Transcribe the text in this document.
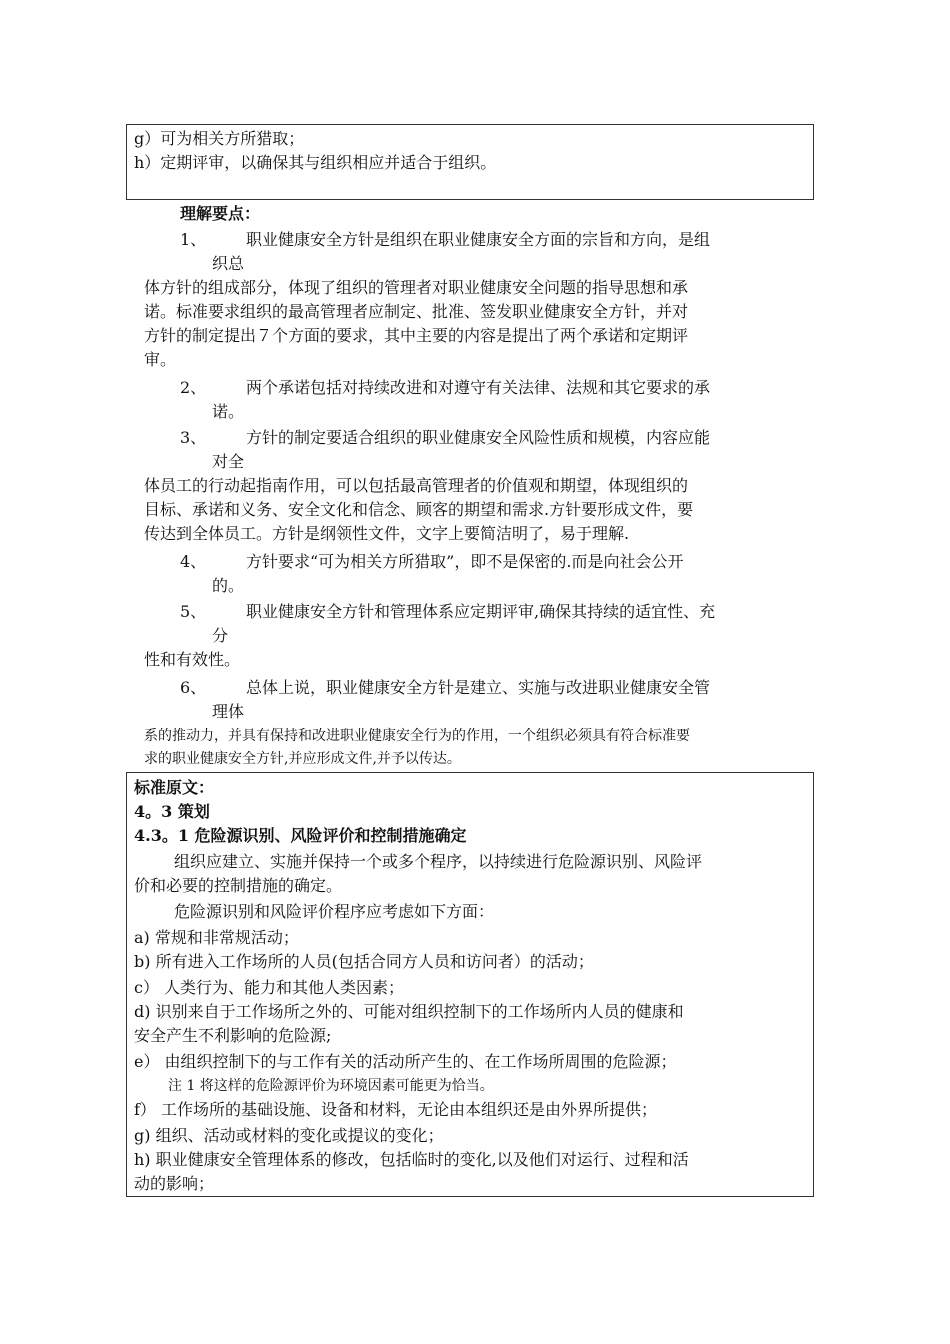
g）可为相关方所猎取；
h）定期评审，以确保其与组织相应并适合于组织。
理解要点：
1、 职业健康安全方针是组织在职业健康安全方面的宗旨和方向，是组
织总
体方针的组成部分，体现了组织的管理者对职业健康安全问题的指导思想和承
诺。标准要求组织的最高管理者应制定、批准、签发职业健康安全方针，并对
方针的制定提出７个方面的要求，其中主要的内容是提出了两个承诺和定期评
审。
2、 两个承诺包括对持续改进和对遵守有关法律、法规和其它要求的承
诺。
3、 方针的制定要适合组织的职业健康安全风险性质和规模，内容应能
对全
体员工的行动起指南作用，可以包括最高管理者的价值观和期望，体现组织的
目标、承诺和义务、安全文化和信念、顾客的期望和需求.方针要形成文件，要
传达到全体员工。方针是纲领性文件，文字上要简洁明了，易于理解.
4、 方针要求“可为相关方所猎取”，即不是保密的.而是向社会公开
的。
5、 职业健康安全方针和管理体系应定期评审,确保其持续的适宜性、充
分
性和有效性。
6、 总体上说，职业健康安全方针是建立、实施与改进职业健康安全管
理体
系的推动力，并具有保持和改进职业健康安全行为的作用，一个组织必须具有符合标准要
求的职业健康安全方针,并应形成文件,并予以传达。
标准原文：
4。3 策划
4.3。1 危险源识别、风险评价和控制措施确定
组织应建立、实施并保持一个或多个程序，以持续进行危险源识别、风险评
价和必要的控制措施的确定。
危险源识别和风险评价程序应考虑如下方面：
a) 常规和非常规活动；
b) 所有进入工作场所的人员(包括合同方人员和访问者）的活动；
c） 人类行为、能力和其他人类因素；
d) 识别来自于工作场所之外的、可能对组织控制下的工作场所内人员的健康和
安全产生不利影响的危险源;
e） 由组织控制下的与工作有关的活动所产生的、在工作场所周围的危险源；
注 1 将这样的危险源评价为环境因素可能更为恰当。
f） 工作场所的基础设施、设备和材料，无论由本组织还是由外界所提供；
g) 组织、活动或材料的变化或提议的变化；
h) 职业健康安全管理体系的修改，包括临时的变化,以及他们对运行、过程和活
动的影响；
